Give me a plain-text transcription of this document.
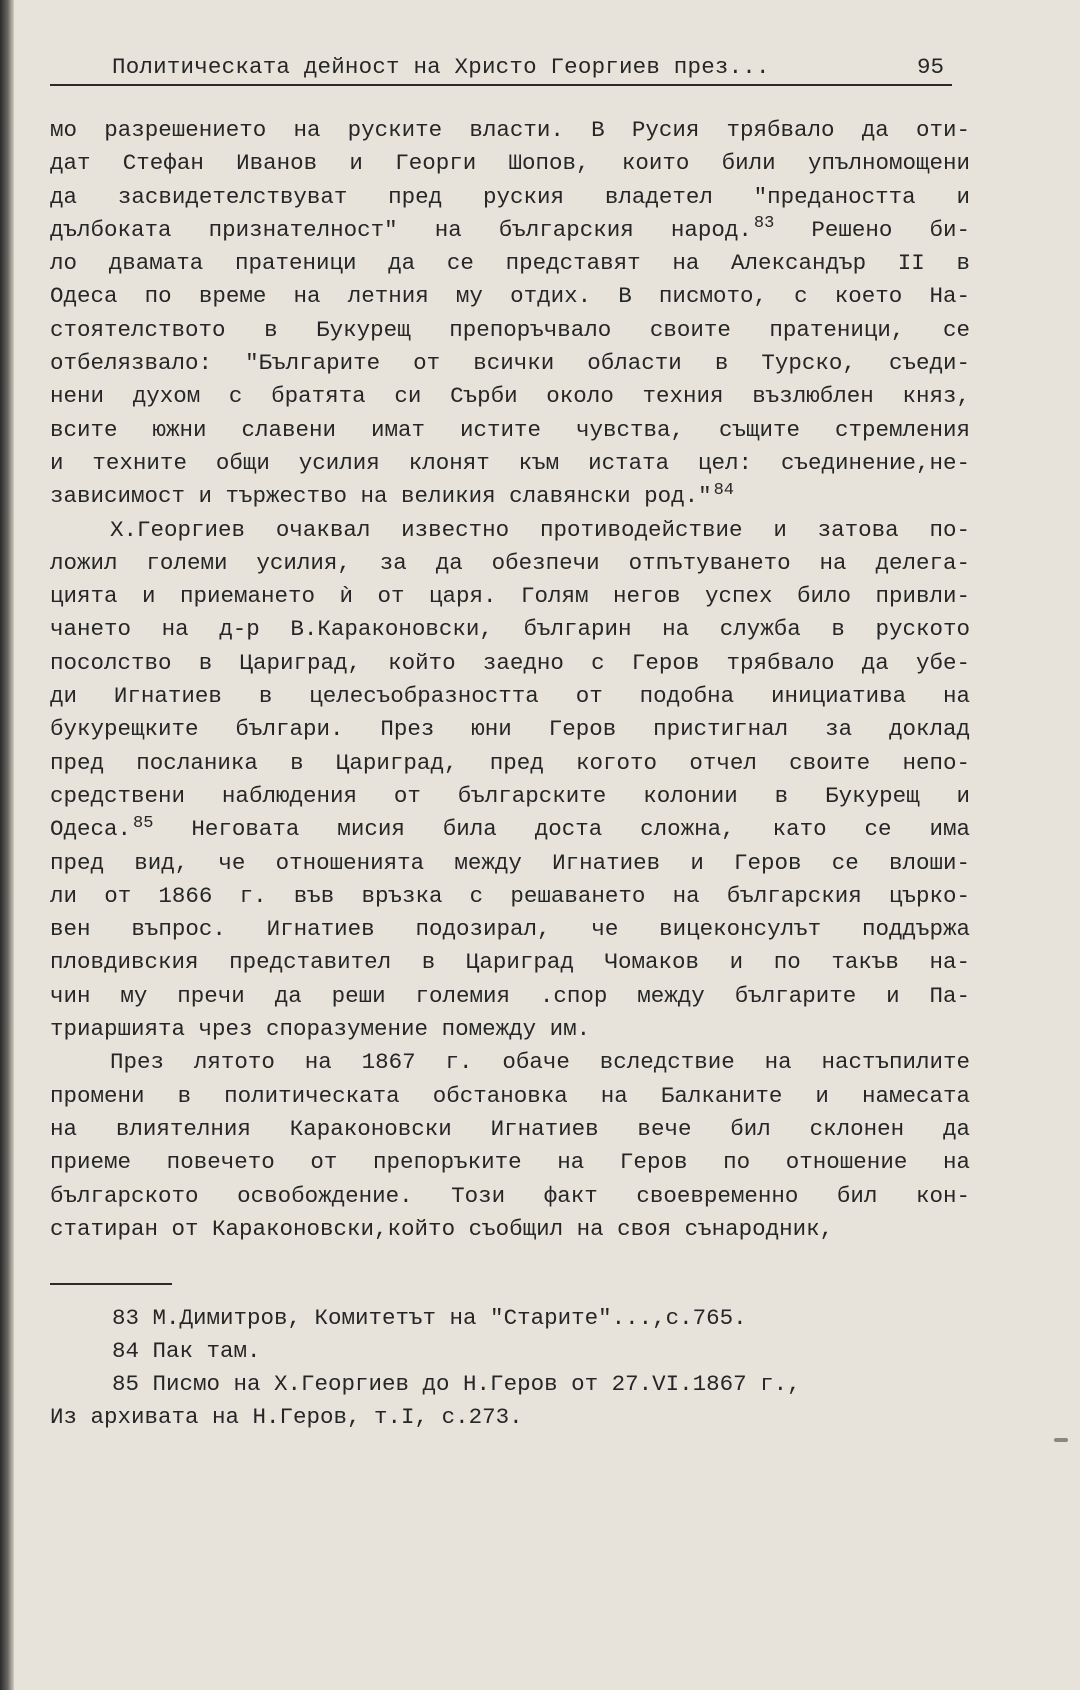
Политическата дейност на Христо Георгиев през...	95
мо разрешението на руските власти. В Русия трябвало да оти-
дат Стефан Иванов и Георги Шопов, които били упълномощени
да засвидетелствуват пред руския владетел "предаността и
дълбоката признателност" на българския народ. 83 Решено би-
ло двамата пратеници да се представят на Александър II в
Одеса по време на летния му отдих. В писмото, с което На-
стоятелството в Букурещ препоръчвало своите пратеници, се
отбелязвало: "Българите от всички области в Турско, съеди-
нени духом с братята си Сърби около техния възлюблен княз,
всите южни славени имат истите чувства, същите стремления
и техните общи усилия клонят към истата цел: съединение,не-
зависимост и тържество на великия славянски род." 84
Х.Георгиев очаквал известно противодействие и затова по-
ложил големи усилия, за да обезпечи отпътуването на делега-
цията и приемането ѝ от царя. Голям негов успех било привли-
чането на д-р В.Караконовски, българин на служба в руското
посолство в Цариград, който заедно с Геров трябвало да убе-
ди Игнатиев в целесъобразността от подобна инициатива на
букурещките българи. През юни Геров пристигнал за доклад
пред посланика в Цариград, пред когото отчел своите непо-
средствени наблюдения от българските колонии в Букурещ и
Одеса. 85 Неговата мисия била доста сложна, като се има
пред вид, че отношенията между Игнатиев и Геров се влоши-
ли от 1866 г. във връзка с решаването на българския църко-
вен въпрос. Игнатиев подозирал, че вицеконсулът поддържа
пловдивския представител в Цариград Чомаков и по такъв на-
чин му пречи да реши големия .спор между българите и Па-
триаршията чрез споразумение помежду им.
През лятото на 1867 г. обаче вследствие на настъпилите
промени в политическата обстановка на Балканите и намесата
на влиятелния Караконовски Игнатиев вече бил склонен да
приеме повечето от препоръките на Геров по отношение на
българското освобождение. Този факт своевременно бил кон-
статиран от Караконовски,който съобщил на своя сънародник,
83 М.Димитров, Комитетът на "Старите"...,с.765.
84 Пак там.
85 Писмо на Х.Георгиев до Н.Геров от 27.VI.1867 г.,
Из архивата на Н.Геров, т.I, с.273.
